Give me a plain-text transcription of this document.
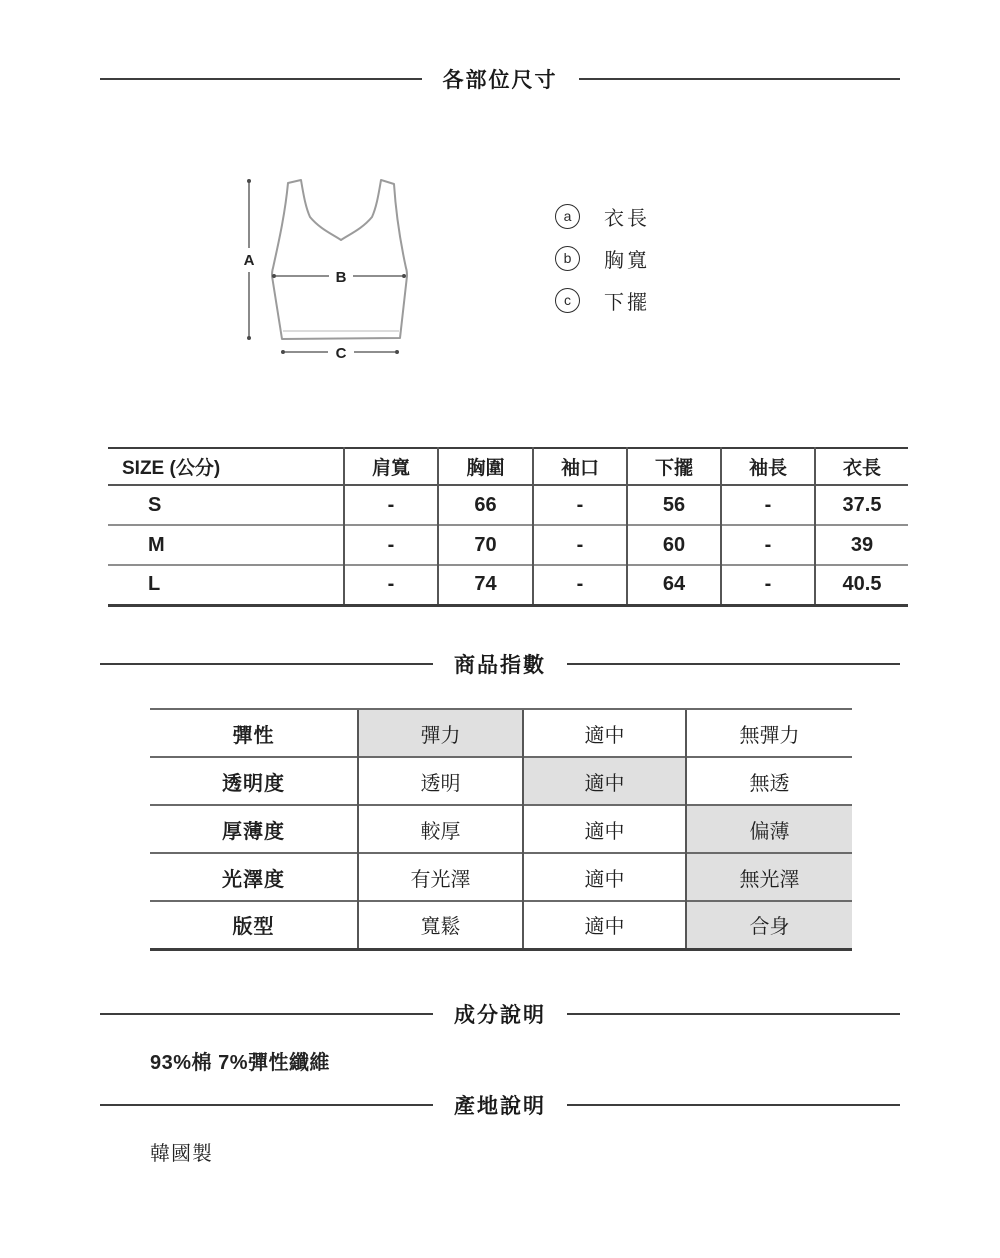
各部位尺寸
A
B
C
a	衣長
b	胸寬
c	下擺
SIZE (公分)	肩寬	胸圍	袖口	下擺	袖長	衣長
S	-	66	-	56	-	37.5
M	-	70	-	60	-	39
L	-	74	-	64	-	40.5
商品指數
彈性	彈力	適中	無彈力
透明度	透明	適中	無透
厚薄度	較厚	適中	偏薄
光澤度	有光澤	適中	無光澤
版型	寬鬆	適中	合身
成分說明
93%棉 7%彈性纖維
產地說明
韓國製
